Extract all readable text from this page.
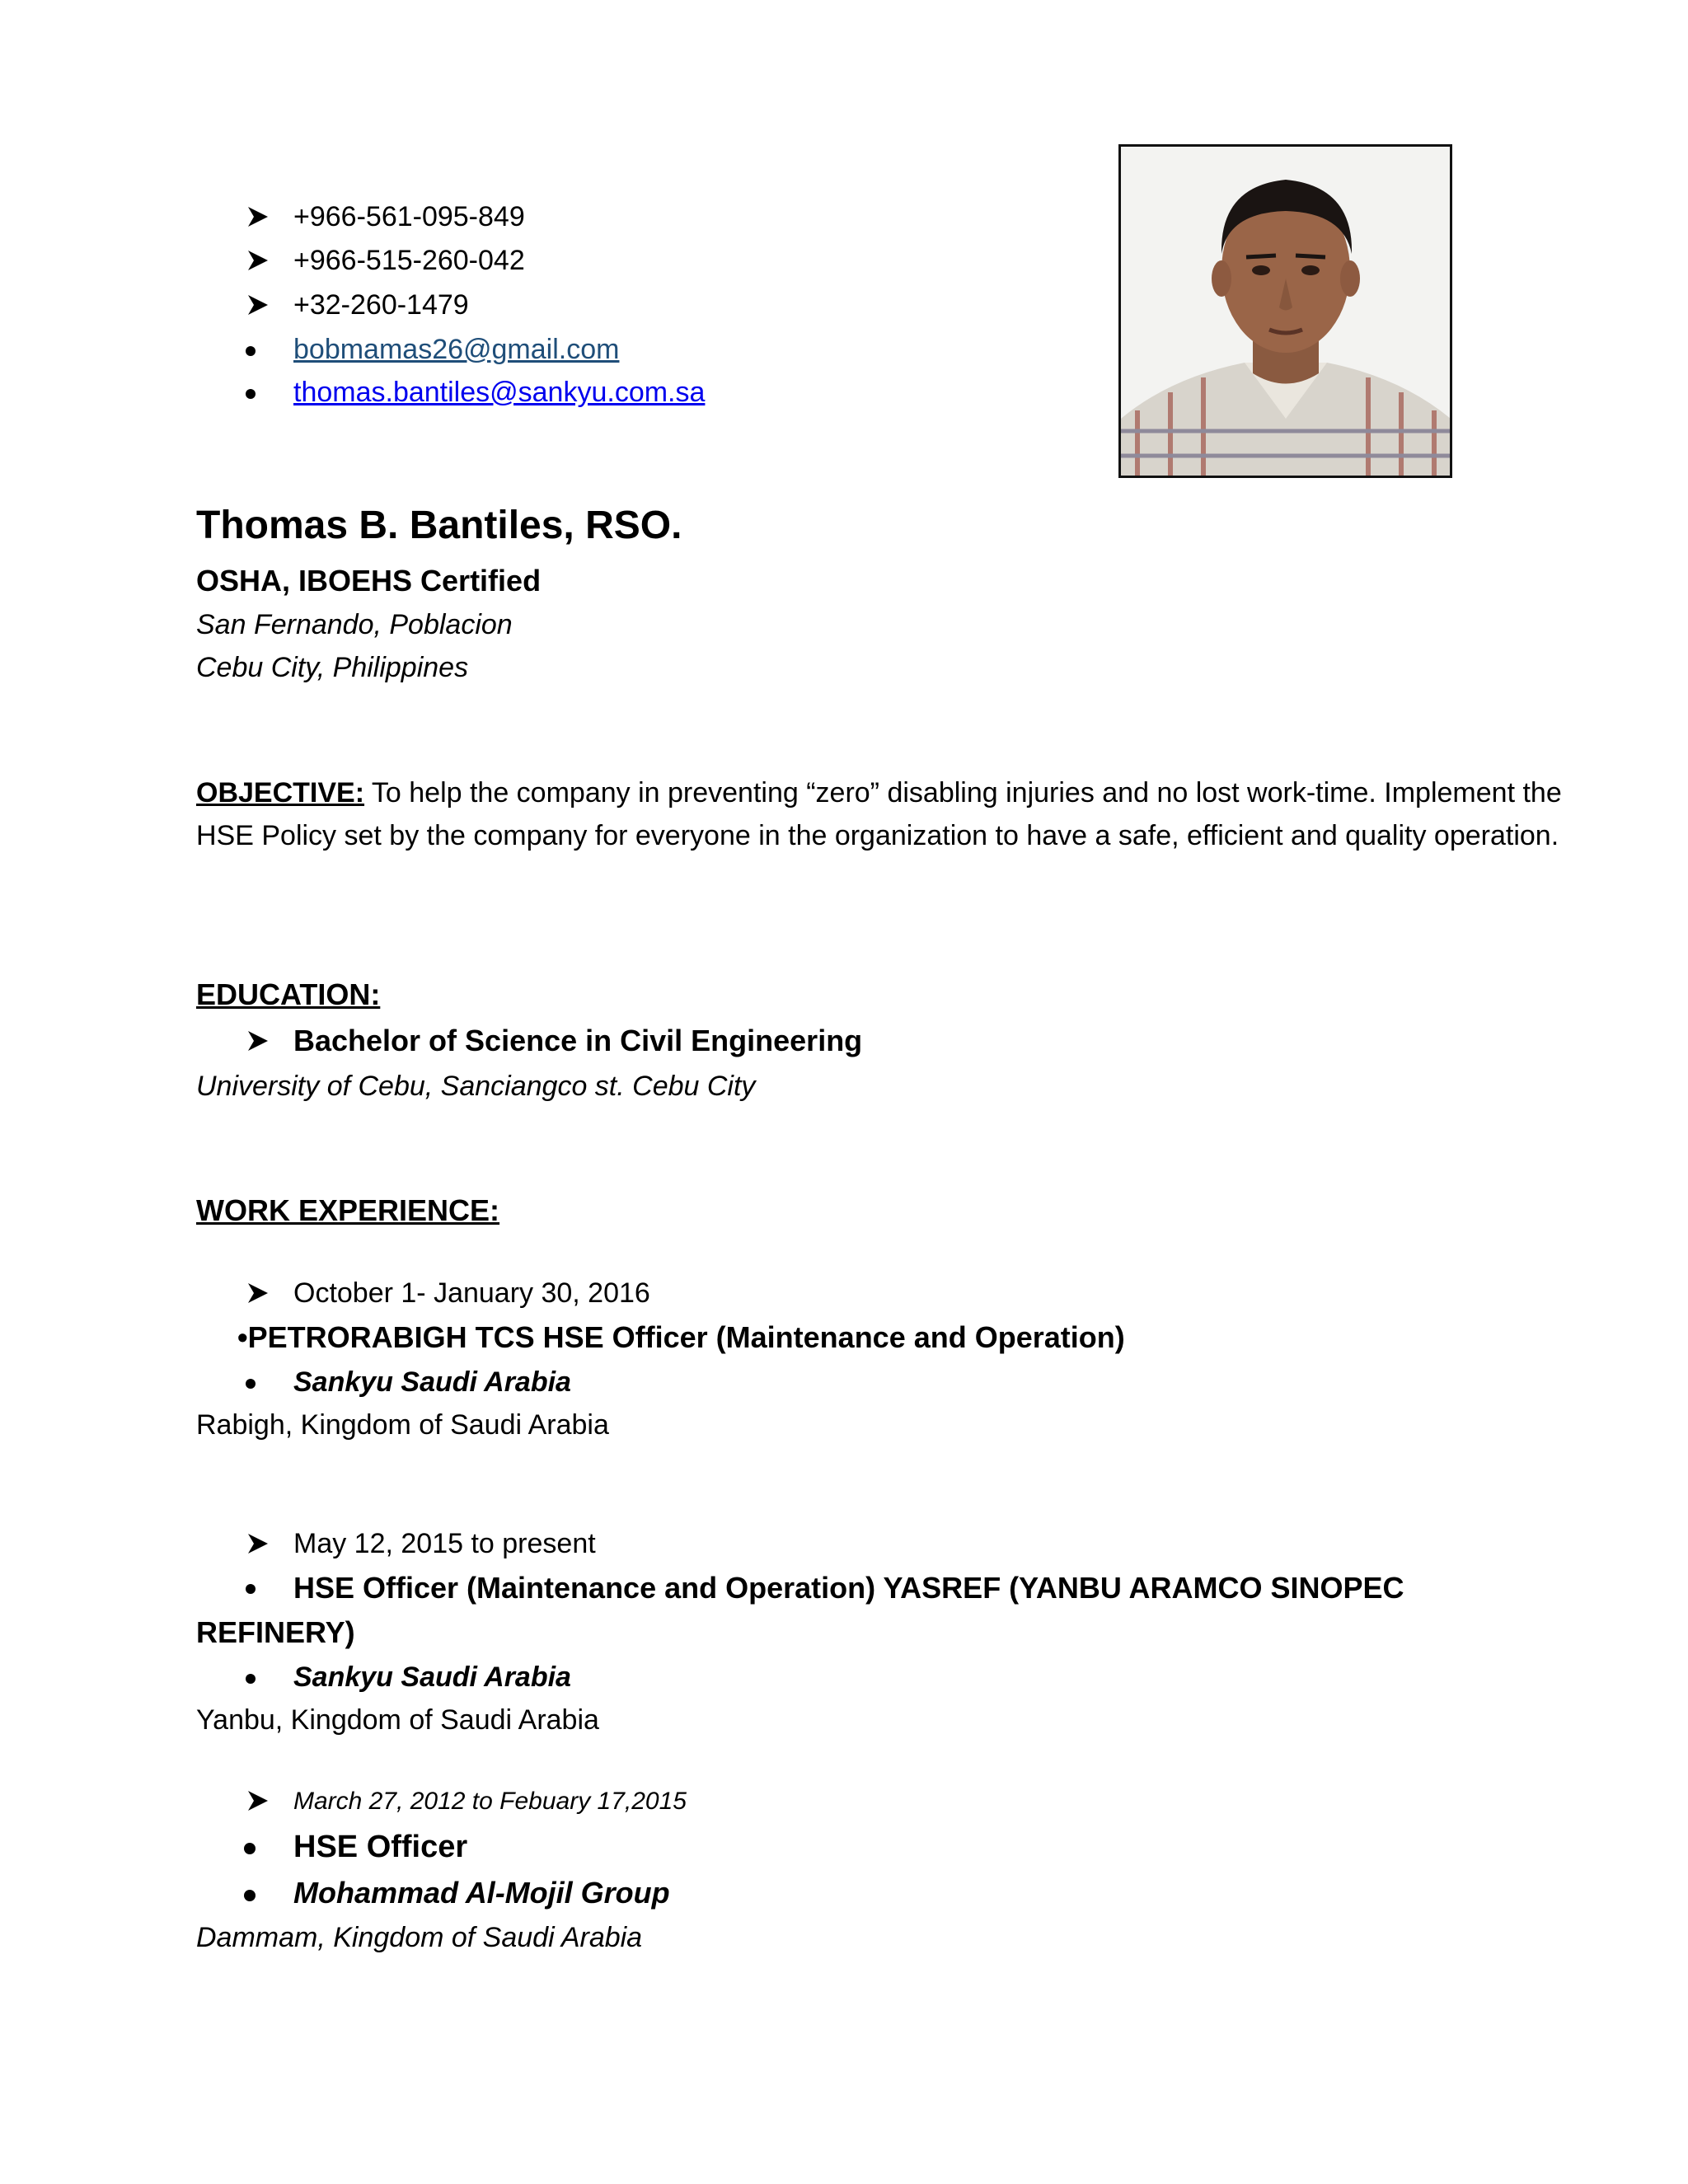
+966-561-095-849
+966-515-260-042
+32-260-1479
bobmamas26@gmail.com
thomas.bantiles@sankyu.com.sa
Thomas B. Bantiles, RSO.
OSHA, IBOEHS Certified
San Fernando, Poblacion
Cebu City, Philippines
OBJECTIVE: To help the company in preventing “zero” disabling injuries and no lost work-time. Implement the
HSE Policy set by the company for everyone in the organization to have a safe, efficient and quality operation.
EDUCATION:
Bachelor of Science in Civil Engineering
University of Cebu, Sanciangco st. Cebu City
WORK EXPERIENCE:
October 1- January 30, 2016
•PETRORABIGH TCS HSE Officer (Maintenance and Operation)
Sankyu Saudi Arabia
Rabigh, Kingdom of Saudi Arabia
May 12, 2015 to present
HSE Officer (Maintenance and Operation) YASREF (YANBU ARAMCO SINOPEC
REFINERY)
Sankyu Saudi Arabia
Yanbu, Kingdom of Saudi Arabia
March 27, 2012 to Febuary 17,2015
HSE Officer
Mohammad Al-Mojil Group
Dammam, Kingdom of Saudi Arabia
